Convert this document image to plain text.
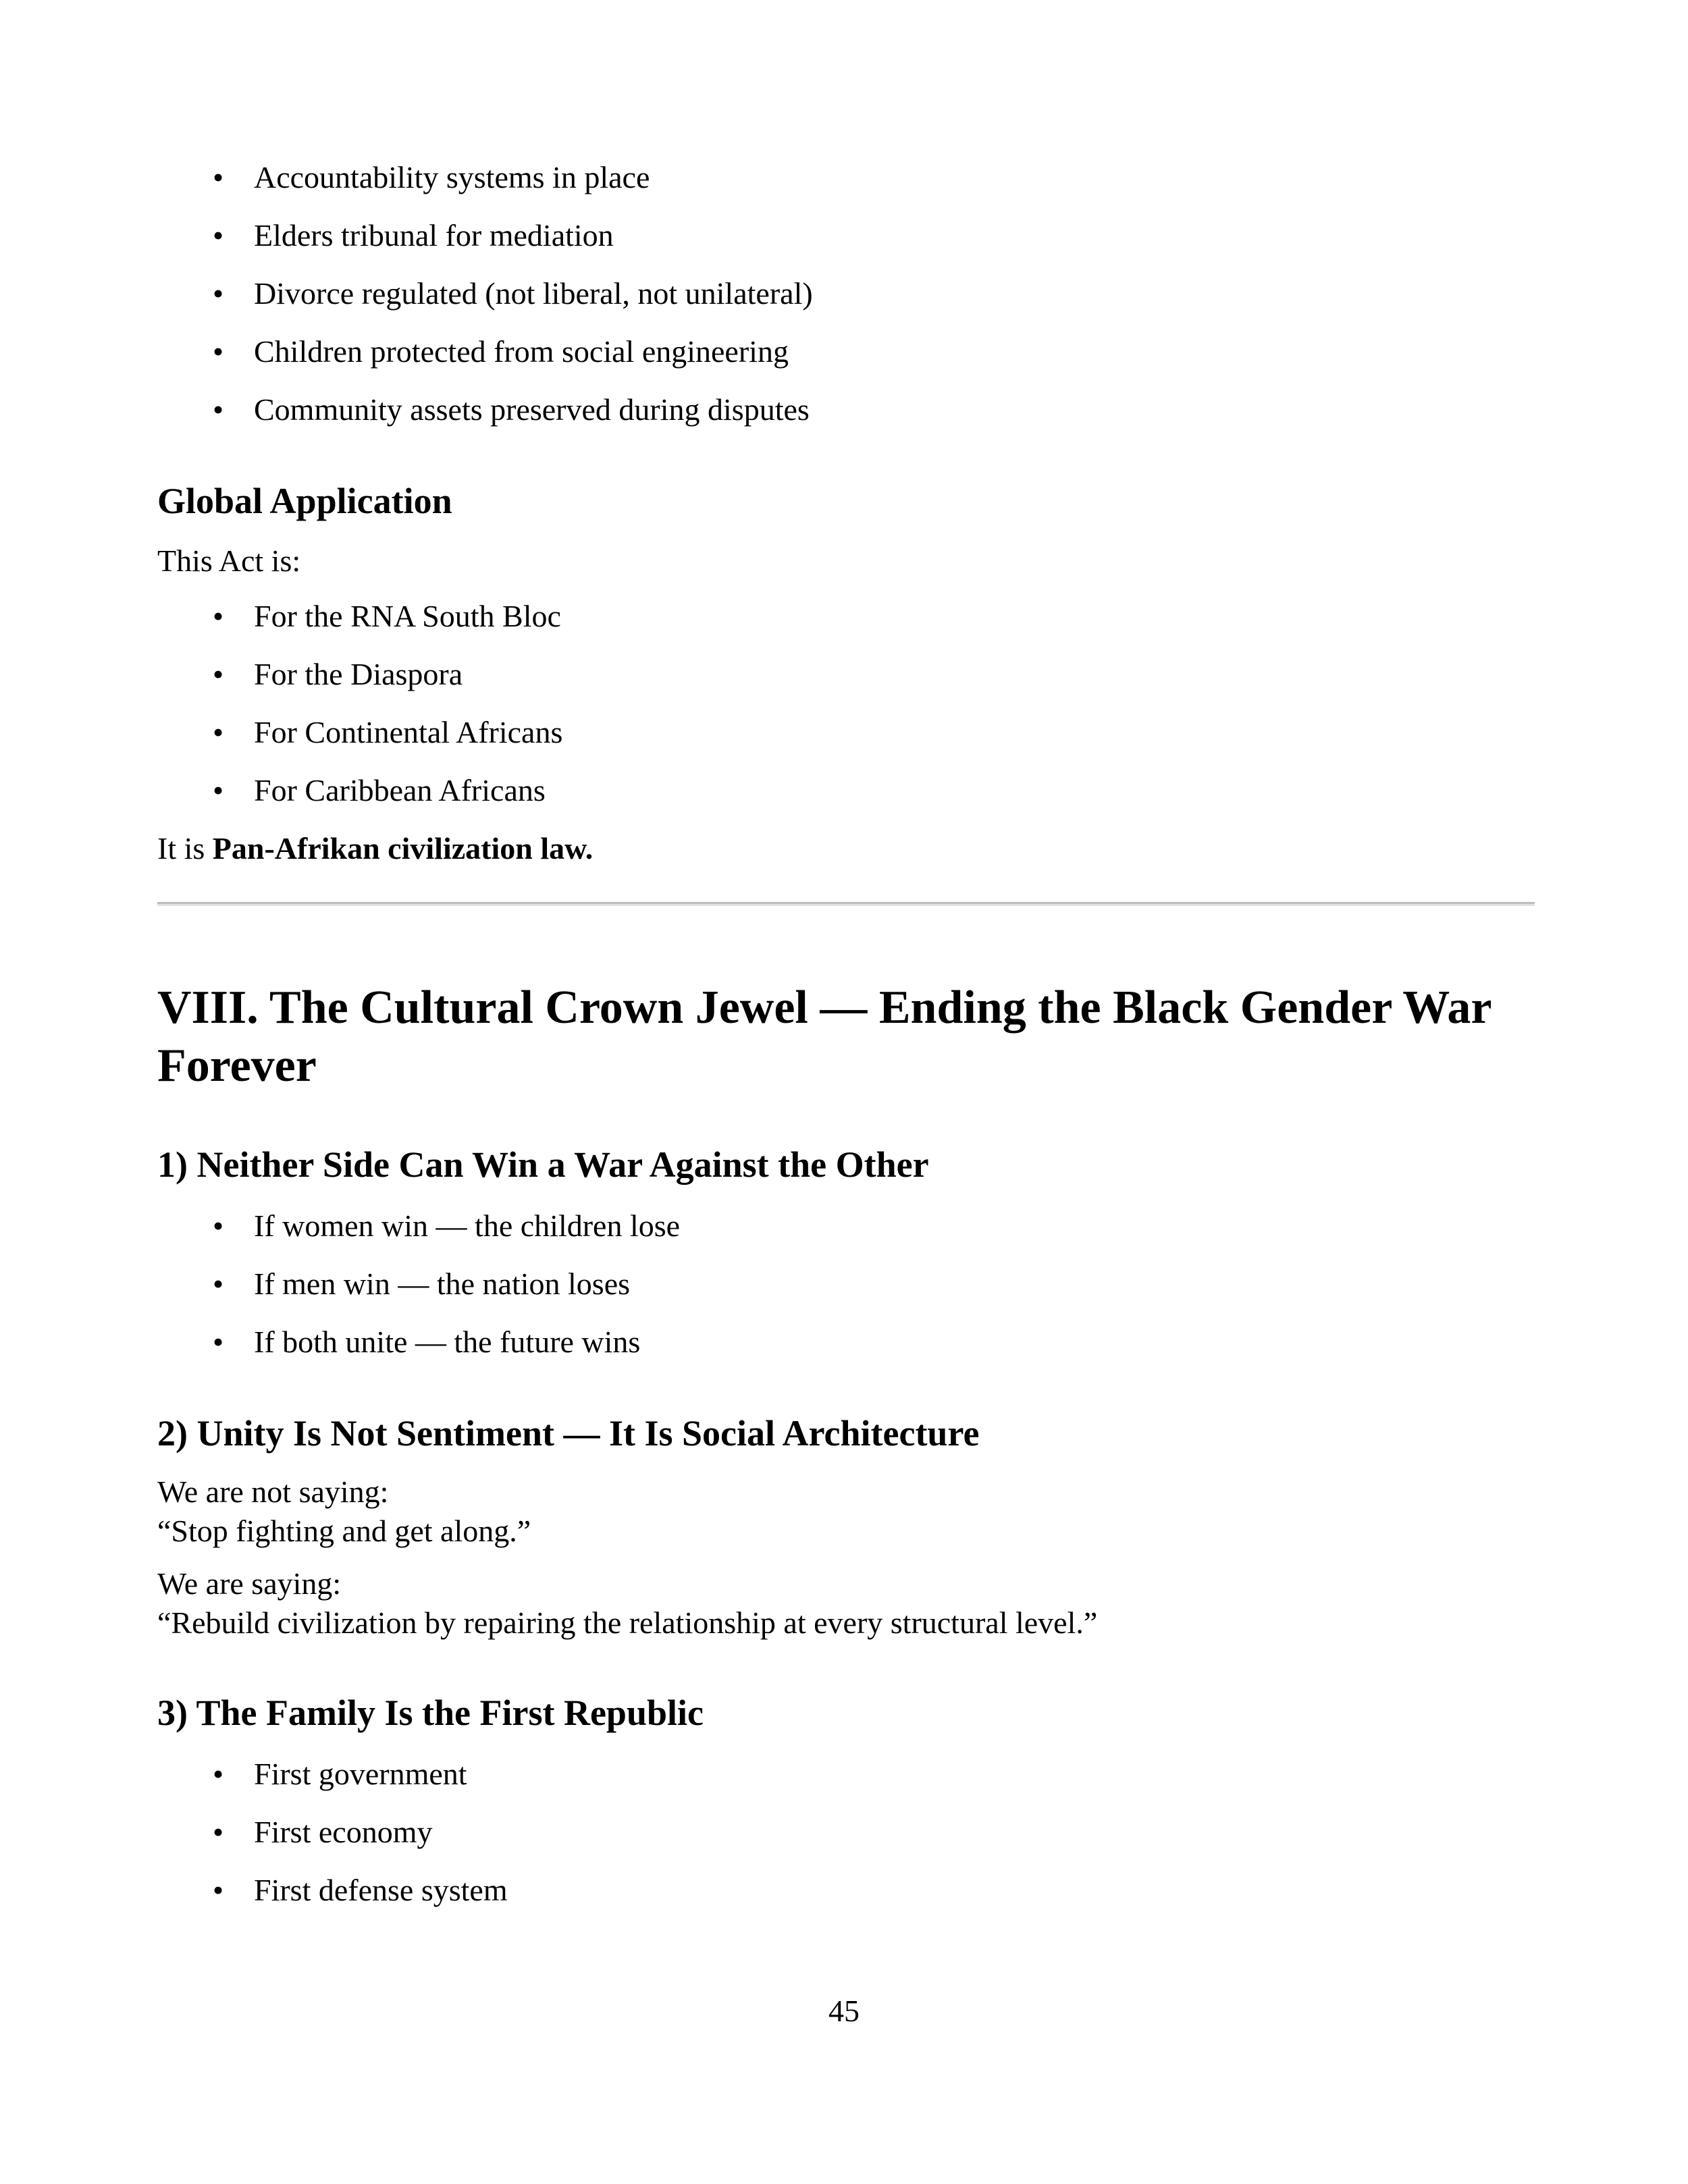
• Accountability systems in place
• Elders tribunal for mediation
• Divorce regulated (not liberal, not unilateral)
• Children protected from social engineering
• Community assets preserved during disputes
Global Application

This Act is:

• For the RNA South Bloc
• For the Diaspora
• For Continental Africans
• For Caribbean Africans

It is Pan-Afrikan civilization law.

VIII. The Cultural Crown Jewel — Ending the Black Gender War Forever
1) Neither Side Can Win a War Against the Other
• If women win — the children lose
• If men win — the nation loses
• If both unite — the future wins
2) Unity Is Not Sentiment — It Is Social Architecture

We are not saying:
“Stop fighting and get along.”

We are saying:
“Rebuild civilization by repairing the relationship at every structural level.”

3) The Family Is the First Republic
• First government
• First economy
• First defense system

45
